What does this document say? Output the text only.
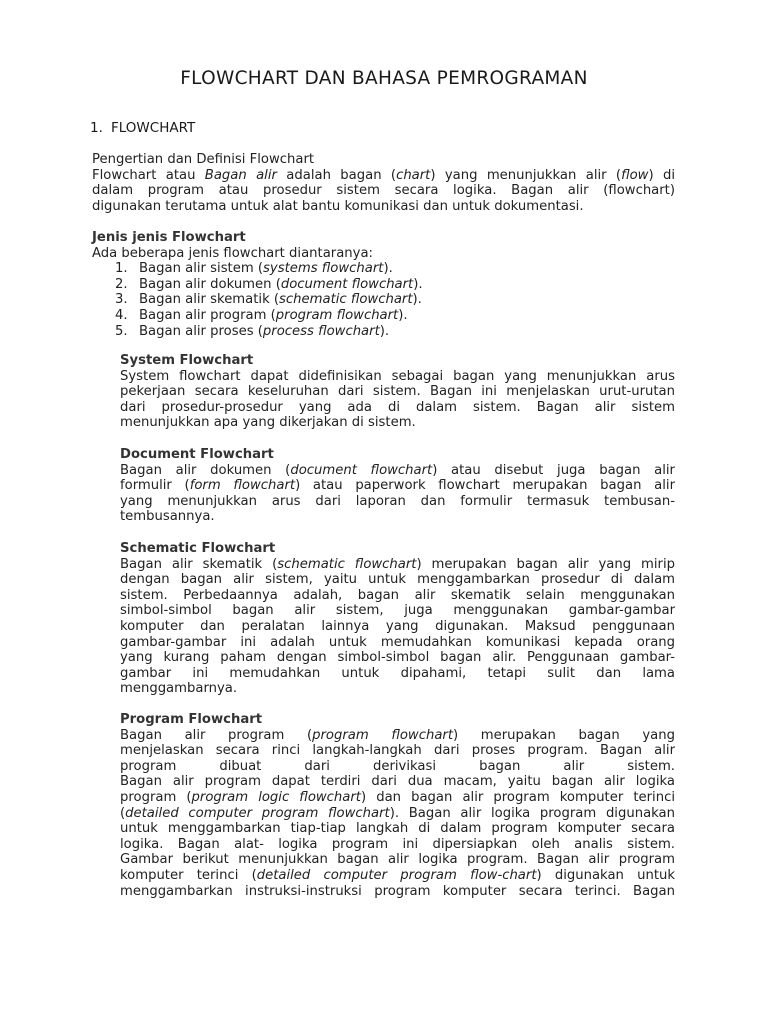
FLOWCHART DAN BAHASA PEMROGRAMAN
1. FLOWCHART

Pengertian dan Definisi Flowchart

Flowchart atau Bagan alir adalah bagan (chart) yang menunjukkan alir (flow) di

dalam program atau prosedur sistem secara logika. Bagan alir (flowchart)

digunakan terutama untuk alat bantu komunikasi dan untuk dokumentasi.

Jenis jenis Flowchart

Ada beberapa jenis flowchart diantaranya:

1. Bagan alir sistem (systems flowchart).
2. Bagan alir dokumen (document flowchart).
3. Bagan alir skematik (schematic flowchart).
4. Bagan alir program (program flowchart).
5. Bagan alir proses (process flowchart).

System Flowchart

System flowchart dapat didefinisikan sebagai bagan yang menunjukkan arus

pekerjaan secara keseluruhan dari sistem. Bagan ini menjelaskan urut-urutan

dari prosedur-prosedur yang ada di dalam sistem. Bagan alir sistem

menunjukkan apa yang dikerjakan di sistem.

Document Flowchart

Bagan alir dokumen (document flowchart) atau disebut juga bagan alir

formulir (form flowchart) atau paperwork flowchart merupakan bagan alir

yang menunjukkan arus dari laporan dan formulir termasuk tembusan-

tembusannya.

Schematic Flowchart

Bagan alir skematik (schematic flowchart) merupakan bagan alir yang mirip

dengan bagan alir sistem, yaitu untuk menggambarkan prosedur di dalam

sistem. Perbedaannya adalah, bagan alir skematik selain menggunakan

simbol-simbol bagan alir sistem, juga menggunakan gambar-gambar

komputer dan peralatan lainnya yang digunakan. Maksud penggunaan

gambar-gambar ini adalah untuk memudahkan komunikasi kepada orang

yang kurang paham dengan simbol-simbol bagan alir. Penggunaan gambar-

gambar ini memudahkan untuk dipahami, tetapi sulit dan lama

menggambarnya.

Program Flowchart

Bagan alir program (program flowchart) merupakan bagan yang

menjelaskan secara rinci langkah-langkah dari proses program. Bagan alir

program dibuat dari derivikasi bagan alir sistem.

Bagan alir program dapat terdiri dari dua macam, yaitu bagan alir logika

program (program logic flowchart) dan bagan alir program komputer terinci

(detailed computer program flowchart). Bagan alir logika program digunakan

untuk menggambarkan tiap-tiap langkah di dalam program komputer secara

logika. Bagan alat- logika program ini dipersiapkan oleh analis sistem.

Gambar berikut menunjukkan bagan alir logika program. Bagan alir program

komputer terinci (detailed computer program flow-chart) digunakan untuk

menggambarkan instruksi-instruksi program komputer secara terinci. Bagan
